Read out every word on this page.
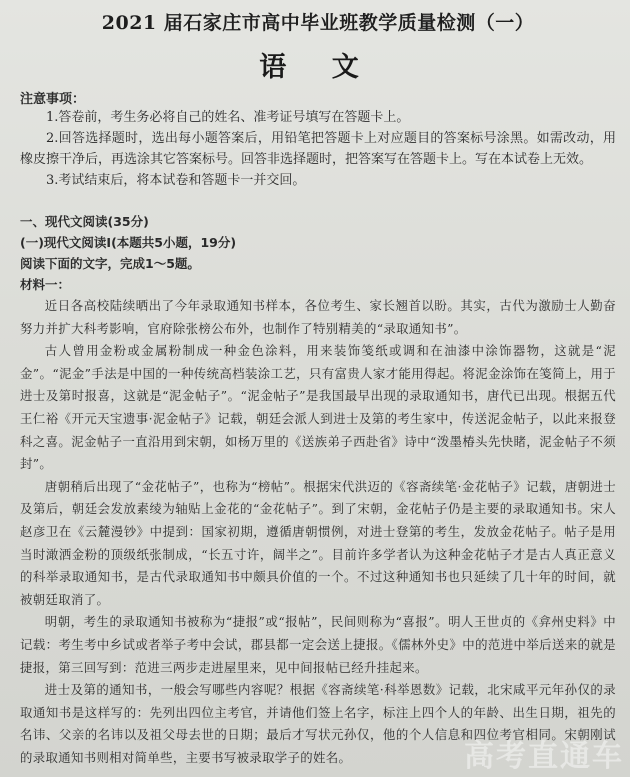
2021 届石家庄市高中毕业班教学质量检测（一）
语 文
注意事项：

1.答卷前，考生务必将自己的姓名、准考证号填写在答题卡上。

2.回答选择题时，选出每小题答案后，用铅笔把答题卡上对应题目的答案标号涂黑。如需改动，用橡皮擦干净后，再选涂其它答案标号。回答非选择题时，把答案写在答题卡上。写在本试卷上无效。

3.考试结束后，将本试卷和答题卡一并交回。

一、现代文阅读(35分)
(一)现代文阅读Ⅰ(本题共5小题，19分)
阅读下面的文字，完成1～5题。
材料一：

近日各高校陆续晒出了今年录取通知书样本，各位考生、家长翘首以盼。其实，古代为激励士人勤奋努力并扩大科考影响，官府除张榜公布外，也制作了特别精美的“录取通知书”。

古人曾用金粉或金属粉制成一种金色涂料，用来装饰笺纸或调和在油漆中涂饰器物，这就是“泥金”。“泥金”手法是中国的一种传统高档装涂工艺，只有富贵人家才能用得起。将泥金涂饰在笺简上，用于进士及第时报喜，这就是“泥金帖子”。“泥金帖子”是我国最早出现的录取通知书，唐代已出现。根据五代王仁裕《开元天宝遗事·泥金帖子》记载，朝廷会派人到进士及第的考生家中，传送泥金帖子，以此来报登科之喜。泥金帖子一直沿用到宋朝，如杨万里的《送族弟子西赴省》诗中“泼墨椿头先快睹，泥金帖子不须封”。

唐朝稍后出现了“金花帖子”，也称为“榜帖”。根据宋代洪迈的《容斋续笔·金花帖子》记载，唐朝进士及第后，朝廷会发放素绫为轴贴上金花的“金花帖子”。到了宋朝，金花帖子仍是主要的录取通知书。宋人赵彦卫在《云麓漫钞》中提到：国家初期，遵循唐朝惯例，对进士登第的考生，发放金花帖子。帖子是用当时澉洒金粉的顶级纸张制成，“长五寸许，阔半之”。目前许多学者认为这种金花帖子才是古人真正意义的科举录取通知书，是古代录取通知书中颇具价值的一个。不过这种通知书也只延续了几十年的时间，就被朝廷取消了。

明朝，考生的录取通知书被称为“捷报”或“报帖”，民间则称为“喜报”。明人王世贞的《弇州史料》中记载：考生考中乡试或者举子考中会试，郡县都一定会送上捷报。《儒林外史》中的范进中举后送来的就是捷报，第三回写到：范进三两步走进屋里来，见中间报帖已经升挂起来。

进士及第的通知书，一般会写哪些内容呢？根据《容斋续笔·科举恩数》记载，北宋咸平元年孙仅的录取通知书是这样写的：先列出四位主考官，并请他们签上名字，标注上四个人的年龄、出生日期，祖先的名讳、父亲的名讳以及祖父母去世的日期；最后才写状元孙仅，他的个人信息和四位考官相同。宋朝刚试的录取通知书则相对简单些，主要书写被录取学子的姓名。	高考直通车
